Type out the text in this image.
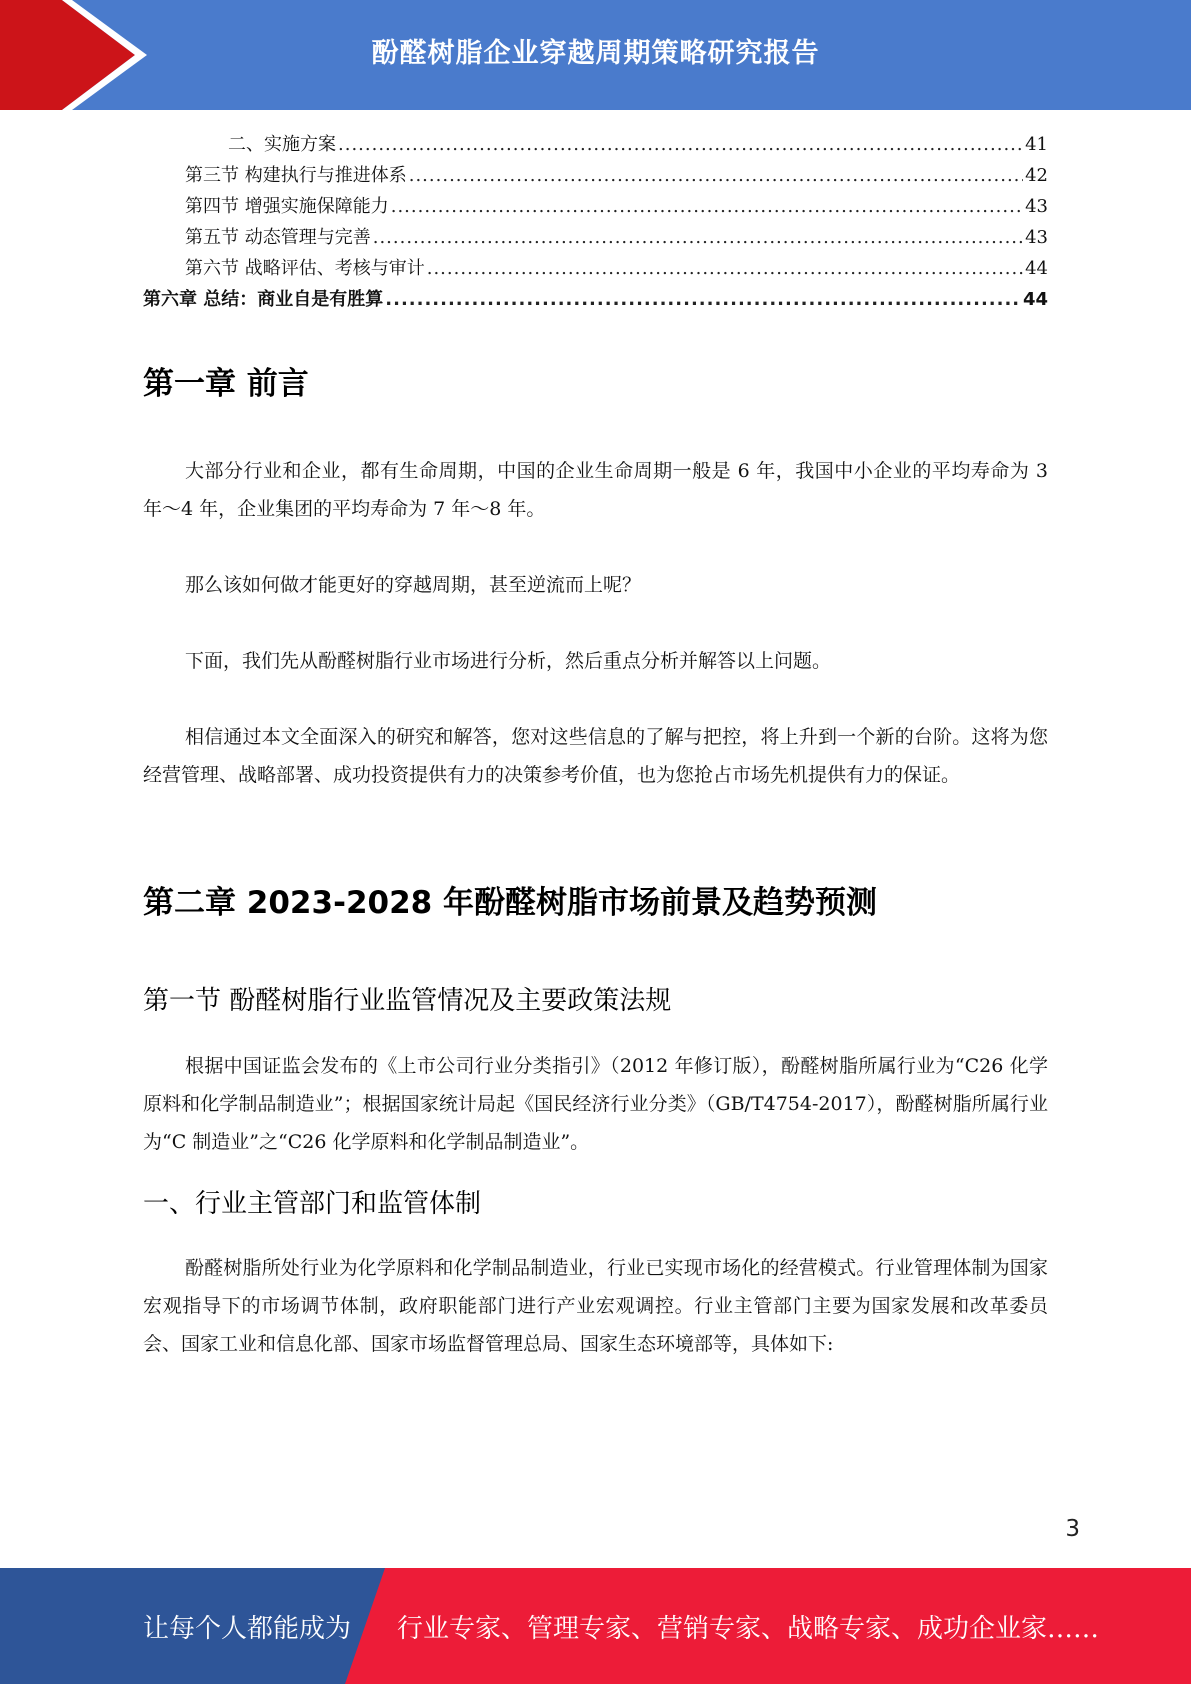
酚醛树脂企业穿越周期策略研究报告
二、实施方案 .....	41
第三节 构建执行与推进体系 .....	42
第四节 增强实施保障能力 .....	43
第五节 动态管理与完善 .....	43
第六节 战略评估、考核与审计 .....	44
第六章 总结：商业自是有胜算 .....	44
第一章 前言

大部分行业和企业，都有生命周期，中国的企业生命周期一般是 6 年，我国中小企业的平均寿命为 3 年～4 年，企业集团的平均寿命为 7 年～8 年。

那么该如何做才能更好的穿越周期，甚至逆流而上呢？

下面，我们先从酚醛树脂行业市场进行分析，然后重点分析并解答以上问题。

相信通过本文全面深入的研究和解答，您对这些信息的了解与把控，将上升到一个新的台阶。这将为您经营管理、战略部署、成功投资提供有力的决策参考价值，也为您抢占市场先机提供有力的保证。

第二章 2023-2028 年酚醛树脂市场前景及趋势预测
第一节 酚醛树脂行业监管情况及主要政策法规

根据中国证监会发布的《上市公司行业分类指引》（2012 年修订版），酚醛树脂所属行业为“C26 化学原料和化学制品制造业”；根据国家统计局起《国民经济行业分类》（GB/T4754-2017），酚醛树脂所属行业为“C 制造业”之“C26 化学原料和化学制品制造业”。

一、行业主管部门和监管体制

酚醛树脂所处行业为化学原料和化学制品制造业，行业已实现市场化的经营模式。行业管理体制为国家宏观指导下的市场调节体制，政府职能部门进行产业宏观调控。行业主管部门主要为国家发展和改革委员会、国家工业和信息化部、国家市场监督管理总局、国家生态环境部等，具体如下:

3
让每个人都能成为 行业专家、管理专家、营销专家、战略专家、成功企业家……
